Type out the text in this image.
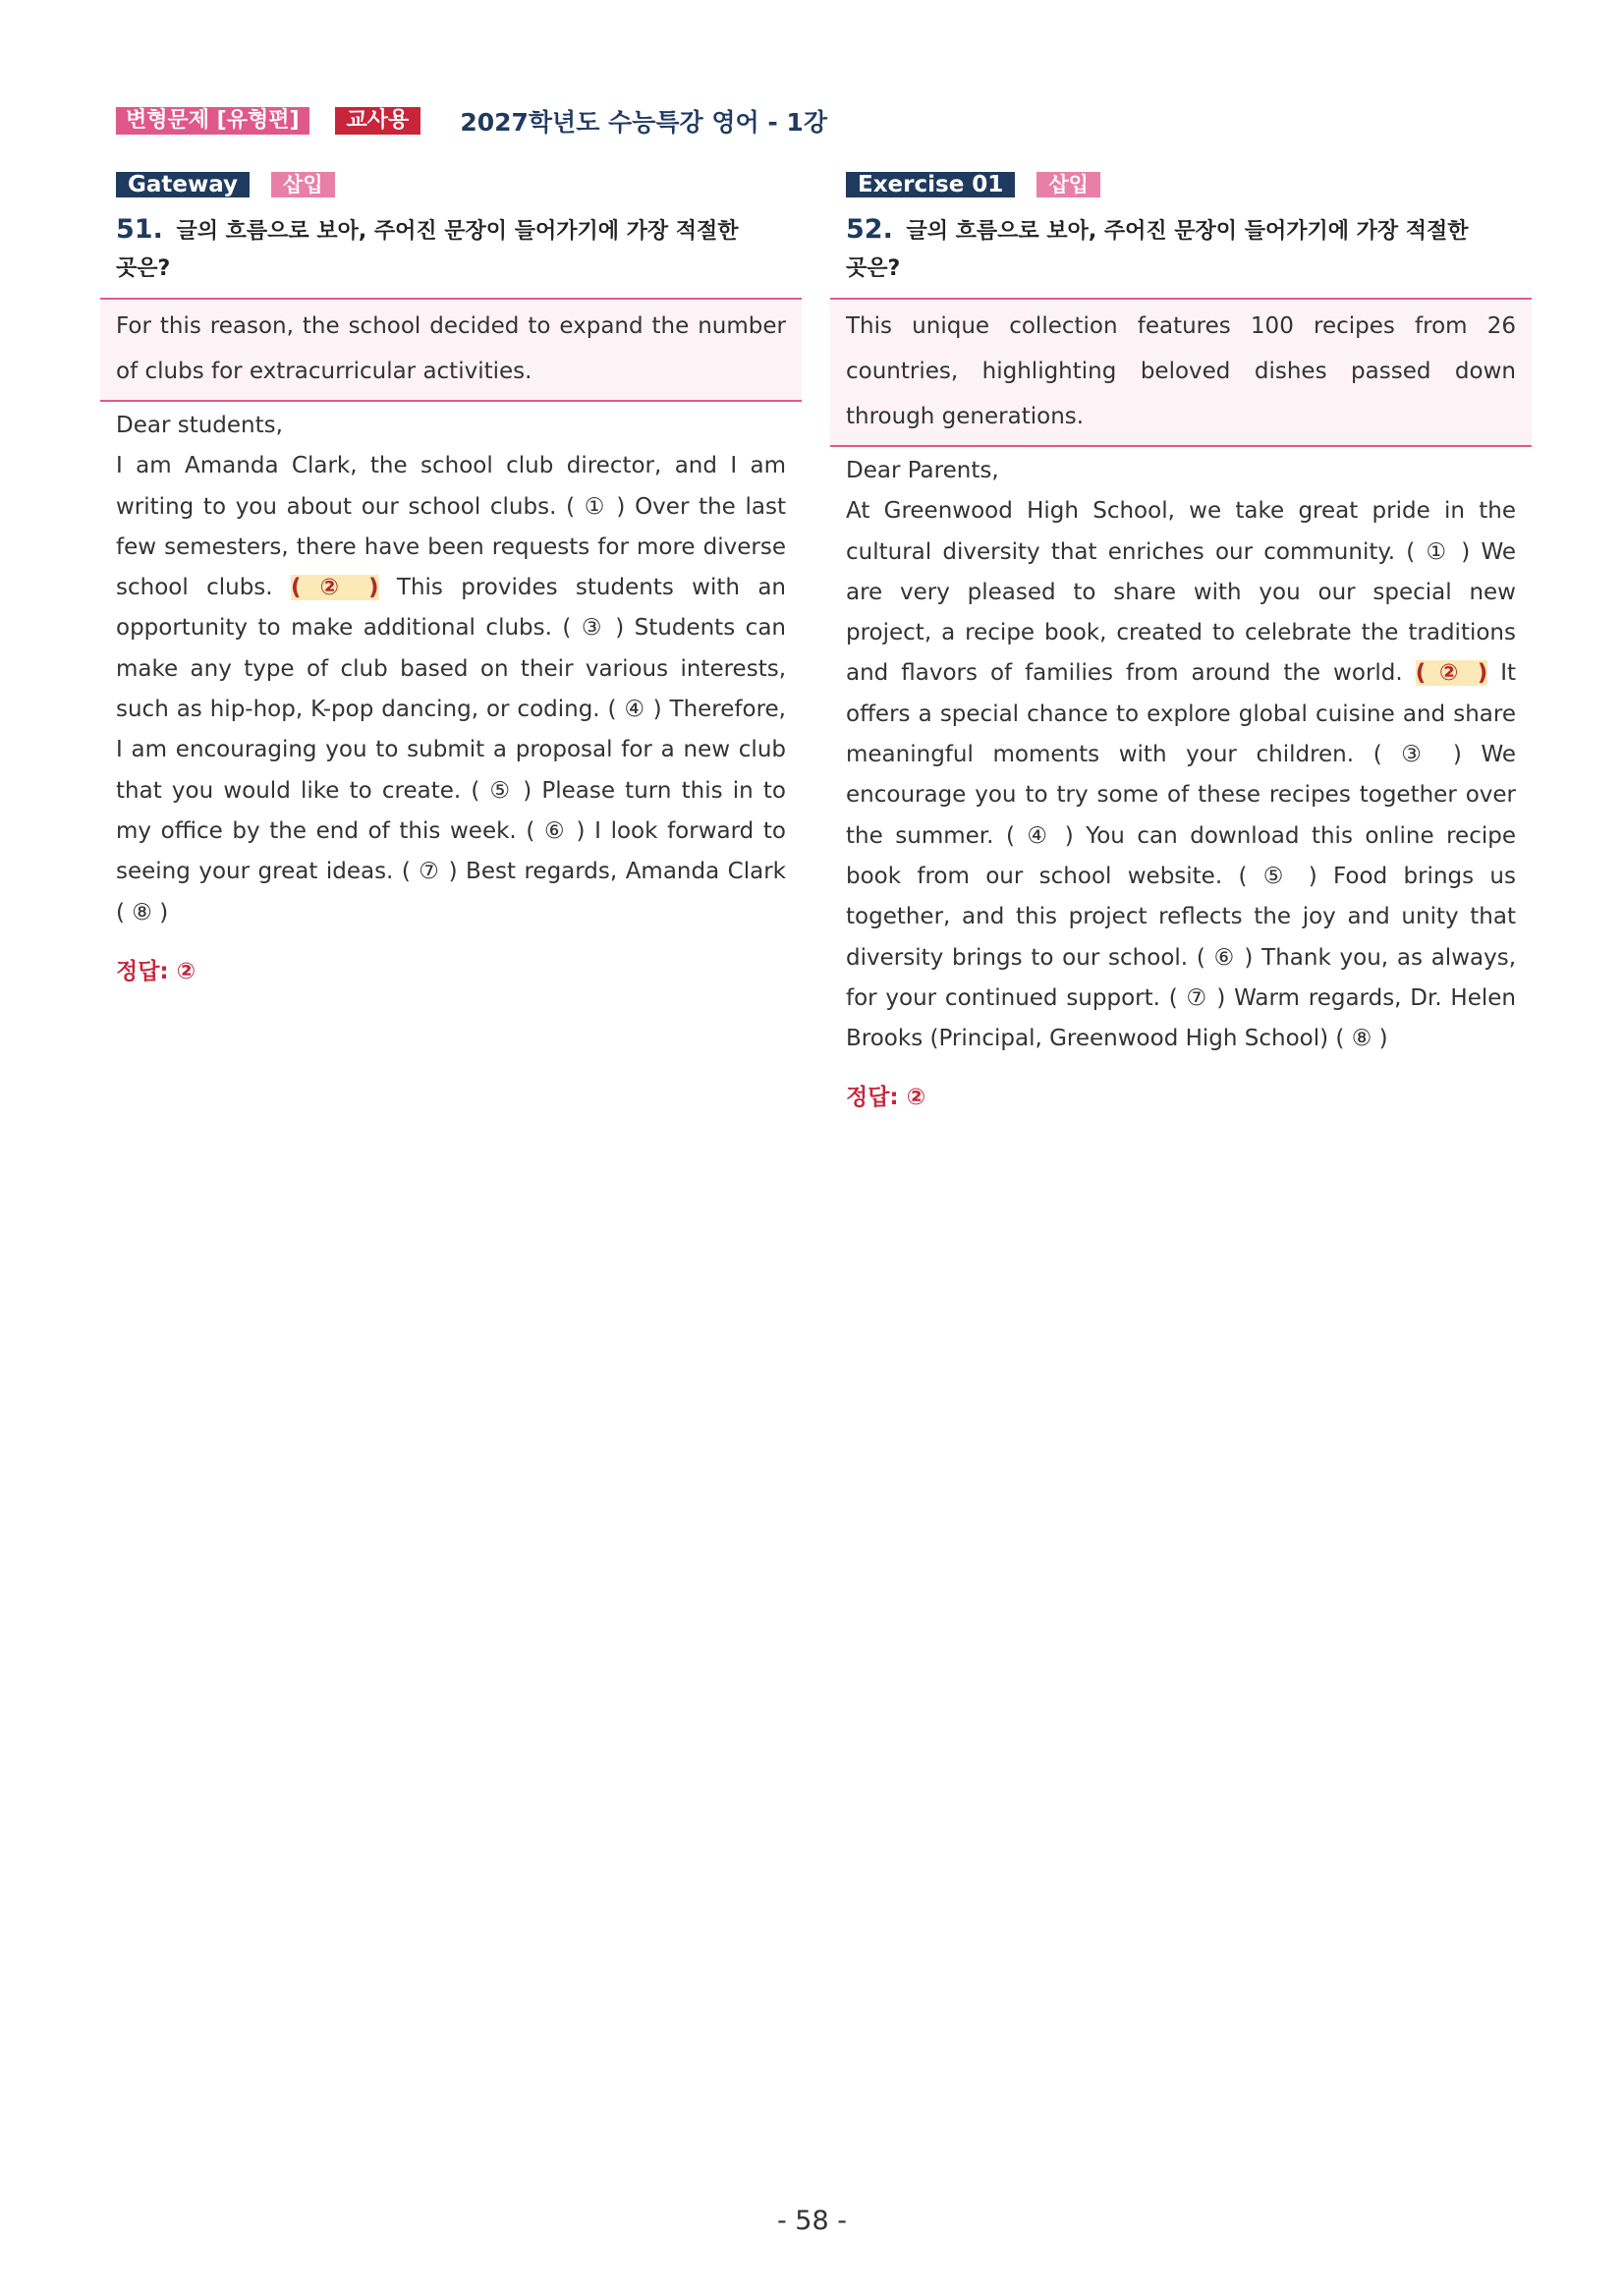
변형문제 [유형편]	교사용	2027학년도 수능특강 영어 - 1강
Gateway	삽입
51. 글의 흐름으로 보아, 주어진 문장이 들어가기에 가장 적절한 곳은?
For this reason, the school decided to expand the number of clubs for extracurricular activities.
Dear students,
I am Amanda Clark, the school club director, and I am writing to you about our school clubs. ( ① ) Over the last few semesters, there have been requests for more diverse school clubs. ( ② ) This provides students with an opportunity to make additional clubs. ( ③ ) Students can make any type of club based on their various interests, such as hip-hop, K-pop dancing, or coding. ( ④ ) Therefore, I am encouraging you to submit a proposal for a new club that you would like to create. ( ⑤ ) Please turn this in to my office by the end of this week. ( ⑥ ) I look forward to seeing your great ideas. ( ⑦ ) Best regards, Amanda Clark ( ⑧ )
정답: ②
Exercise 01	삽입
52. 글의 흐름으로 보아, 주어진 문장이 들어가기에 가장 적절한 곳은?
This unique collection features 100 recipes from 26 countries, highlighting beloved dishes passed down through generations.
Dear Parents,
At Greenwood High School, we take great pride in the cultural diversity that enriches our community. ( ① ) We are very pleased to share with you our special new project, a recipe book, created to celebrate the traditions and flavors of families from around the world. ( ② ) It offers a special chance to explore global cuisine and share meaningful moments with your children. ( ③ ) We encourage you to try some of these recipes together over the summer. ( ④ ) You can download this online recipe book from our school website. ( ⑤ ) Food brings us together, and this project reflects the joy and unity that diversity brings to our school. ( ⑥ ) Thank you, as always, for your continued support. ( ⑦ ) Warm regards, Dr. Helen Brooks (Principal, Greenwood High School) ( ⑧ )
정답: ②
- 58 -
